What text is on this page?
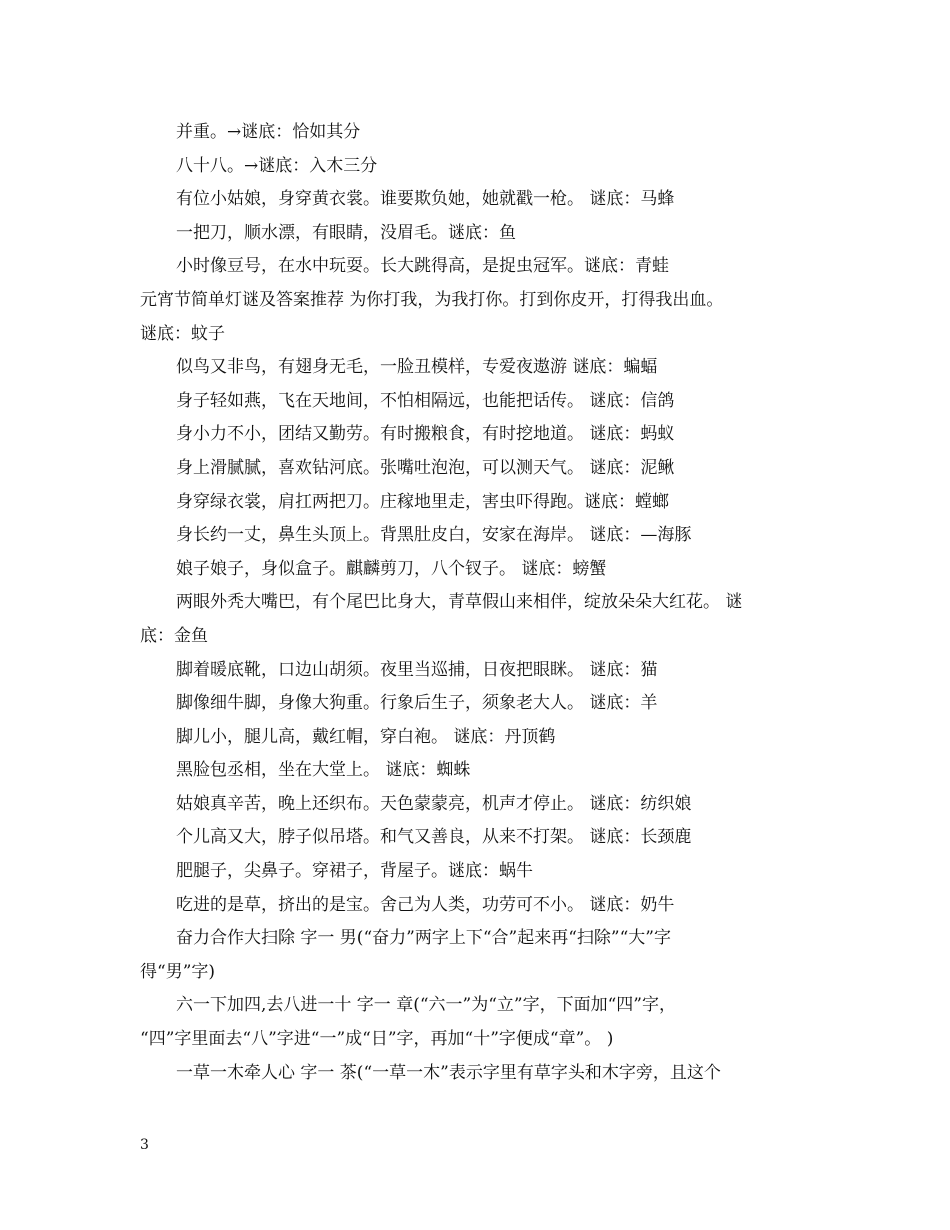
并重。→谜底：恰如其分
八十八。→谜底：入木三分
有位小姑娘，身穿黄衣裳。谁要欺负她，她就戳一枪。 谜底：马蜂
一把刀，顺水漂，有眼睛，没眉毛。谜底：鱼
小时像豆号，在水中玩耍。长大跳得高，是捉虫冠军。谜底：青蛙
元宵节简单灯谜及答案推荐 为你打我，为我打你。打到你皮开，打得我出血。
谜底：蚊子
似鸟又非鸟，有翅身无毛，一脸丑模样，专爱夜遨游 谜底：蝙蝠
身子轻如燕，飞在天地间，不怕相隔远，也能把话传。 谜底：信鸽
身小力不小，团结又勤劳。有时搬粮食，有时挖地道。 谜底：蚂蚁
身上滑腻腻，喜欢钻河底。张嘴吐泡泡，可以测天气。 谜底：泥鳅
身穿绿衣裳，肩扛两把刀。庄稼地里走，害虫吓得跑。谜底：螳螂
身长约一丈，鼻生头顶上。背黑肚皮白，安家在海岸。 谜底：—海豚
娘子娘子，身似盒子。麒麟剪刀，八个钗子。 谜底：螃蟹
两眼外秃大嘴巴，有个尾巴比身大，青草假山来相伴，绽放朵朵大红花。 谜
底：金鱼
脚着暖底靴，口边山胡须。夜里当巡捕，日夜把眼眯。 谜底：猫
脚像细牛脚，身像大狗重。行象后生子，须象老大人。 谜底：羊
脚儿小，腿儿高，戴红帽，穿白袍。 谜底：丹顶鹤
黑脸包丞相，坐在大堂上。 谜底：蜘蛛
姑娘真辛苦，晚上还织布。天色蒙蒙亮，机声才停止。 谜底：纺织娘
个儿高又大，脖子似吊塔。和气又善良，从来不打架。 谜底：长颈鹿
肥腿子，尖鼻子。穿裙子，背屋子。谜底：蜗牛
吃进的是草，挤出的是宝。舍己为人类，功劳可不小。 谜底：奶牛
奋力合作大扫除 字一 男(“奋力”两字上下“合”起来再“扫除”“大”字
得“男”字)
六一下加四,去八进一十 字一 章(“六一”为“立”字，下面加“四”字，
“四”字里面去“八”字进“一”成“日”字，再加“十”字便成“章”。 )
一草一木牵人心 字一 茶(“一草一木”表示字里有草字头和木字旁，且这个
3
